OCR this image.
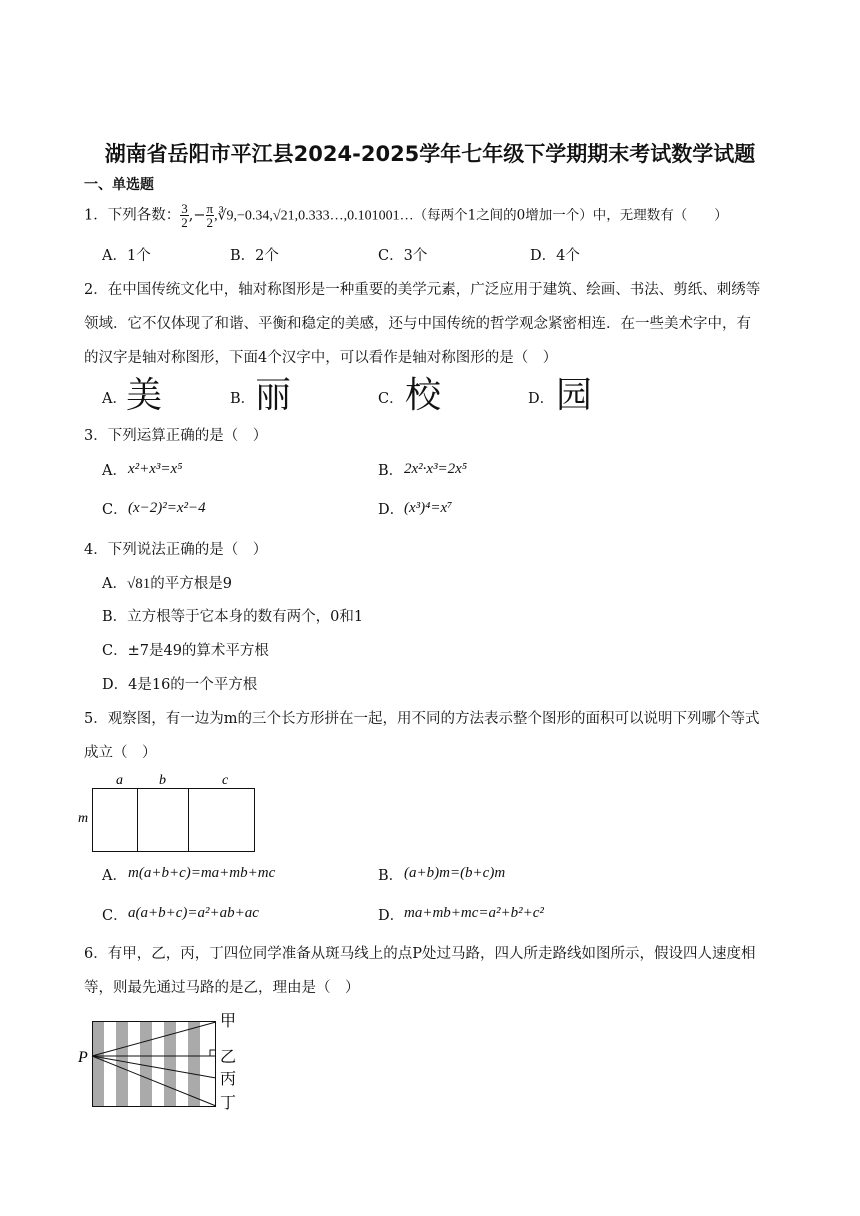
湖南省岳阳市平江县2024-2025学年七年级下学期期末考试数学试题
一、单选题
1．下列各数： $\frac{3}{2}$ ,− $\frac{\pi}{2}$ ,∛9,−0.34,√21,0.333…,0.101001…（每两个1之间的0增加一个）中，无理数有（　　）
A．1个	B．2个	C．3个	D．4个
2．在中国传统文化中，轴对称图形是一种重要的美学元素，广泛应用于建筑、绘画、书法、剪纸、刺绣等
领域．它不仅体现了和谐、平衡和稳定的美感，还与中国传统的哲学观念紧密相连．在一些美术字中，有
的汉字是轴对称图形，下面4个汉字中，可以看作是轴对称图形的是（　）
A． 美	B． 丽	C． 校	D． 园
3．下列运算正确的是（　）
A． x²+x³=x⁵	B． 2x²·x³=2x⁵
C． (x−2)²=x²−4	D． (x³)⁴=x⁷
4．下列说法正确的是（　）
A．√81的平方根是9
B．立方根等于它本身的数有两个，0和1
C．±7是49的算术平方根
D．4是16的一个平方根
5．观察图，有一边为m的三个长方形拼在一起，用不同的方法表示整个图形的面积可以说明下列哪个等式
成立（　）
a	b	c
m
A． m(a+b+c)=ma+mb+mc	B． (a+b)m=(b+c)m
C． a(a+b+c)=a²+ab+ac	D． ma+mb+mc=a²+b²+c²
6．有甲，乙，丙，丁四位同学准备从斑马线上的点P处过马路，四人所走路线如图所示，假设四人速度相
等，则最先通过马路的是乙，理由是（　）
P
甲
乙
丙
丁
